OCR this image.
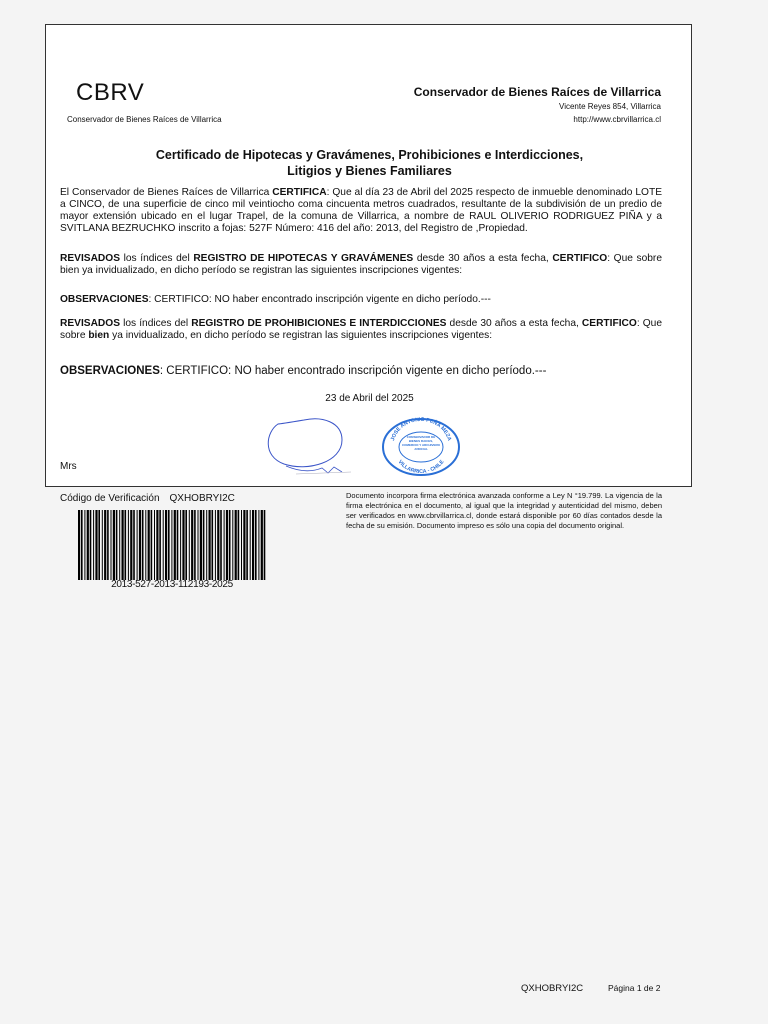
CBRV
Conservador de Bienes Raíces de Villarrica
Conservador de Bienes Raíces de Villarrica
Vicente Reyes 854, Villarrica
http://www.cbrvillarrica.cl
Certificado de Hipotecas y Gravámenes, Prohibiciones e Interdicciones,
Litigios y Bienes Familiares
El Conservador de Bienes Raíces de Villarrica CERTIFICA: Que al día 23 de Abril del 2025 respecto de inmueble denominado LOTE a CINCO, de una superficie de cinco mil veintiocho coma cincuenta metros cuadrados, resultante de la subdivisión de un predio de mayor extensión ubicado en el lugar Trapel, de la comuna de Villarrica, a nombre de RAUL OLIVERIO RODRIGUEZ PIÑA y a SVITLANA BEZRUCHKO inscrito a fojas: 527F Número: 416 del año: 2013, del Registro de ,Propiedad.
REVISADOS los índices del REGISTRO DE HIPOTECAS Y GRAVÁMENES desde 30 años a esta fecha, CERTIFICO: Que sobre bien ya invidualizado, en dicho período se registran las siguientes inscripciones vigentes:
OBSERVACIONES: CERTIFICO: NO haber encontrado inscripción vigente en dicho período.---
REVISADOS los índices del REGISTRO DE PROHIBICIONES E INTERDICCIONES desde 30 años a esta fecha, CERTIFICO: Que sobre bien ya invidualizado, en dicho período se registran las siguientes inscripciones vigentes:
OBSERVACIONES: CERTIFICO: NO haber encontrado inscripción vigente en dicho período.---
23 de Abril del 2025
JOSE ANTONIO PEÑA MEZA
VILLARRICA - CHILE
CONSERVADOR DE BIENES RAICES, COMERCIO Y ARCHIVERO JUDICIAL
Mrs
Código de Verificación QXHOBRYI2C
2013-527-2013-112193-2025
Documento incorpora firma electrónica avanzada conforme a Ley N °19.799. La vigencia de la firma electrónica en el documento, al igual que la integridad y autenticidad del mismo, deben ser verificados en www.cbrvillarrica.cl, donde estará disponible por 60 días contados desde la fecha de su emisión. Documento impreso es sólo una copia del documento original.
QXHOBRYI2C	Página 1 de 2
